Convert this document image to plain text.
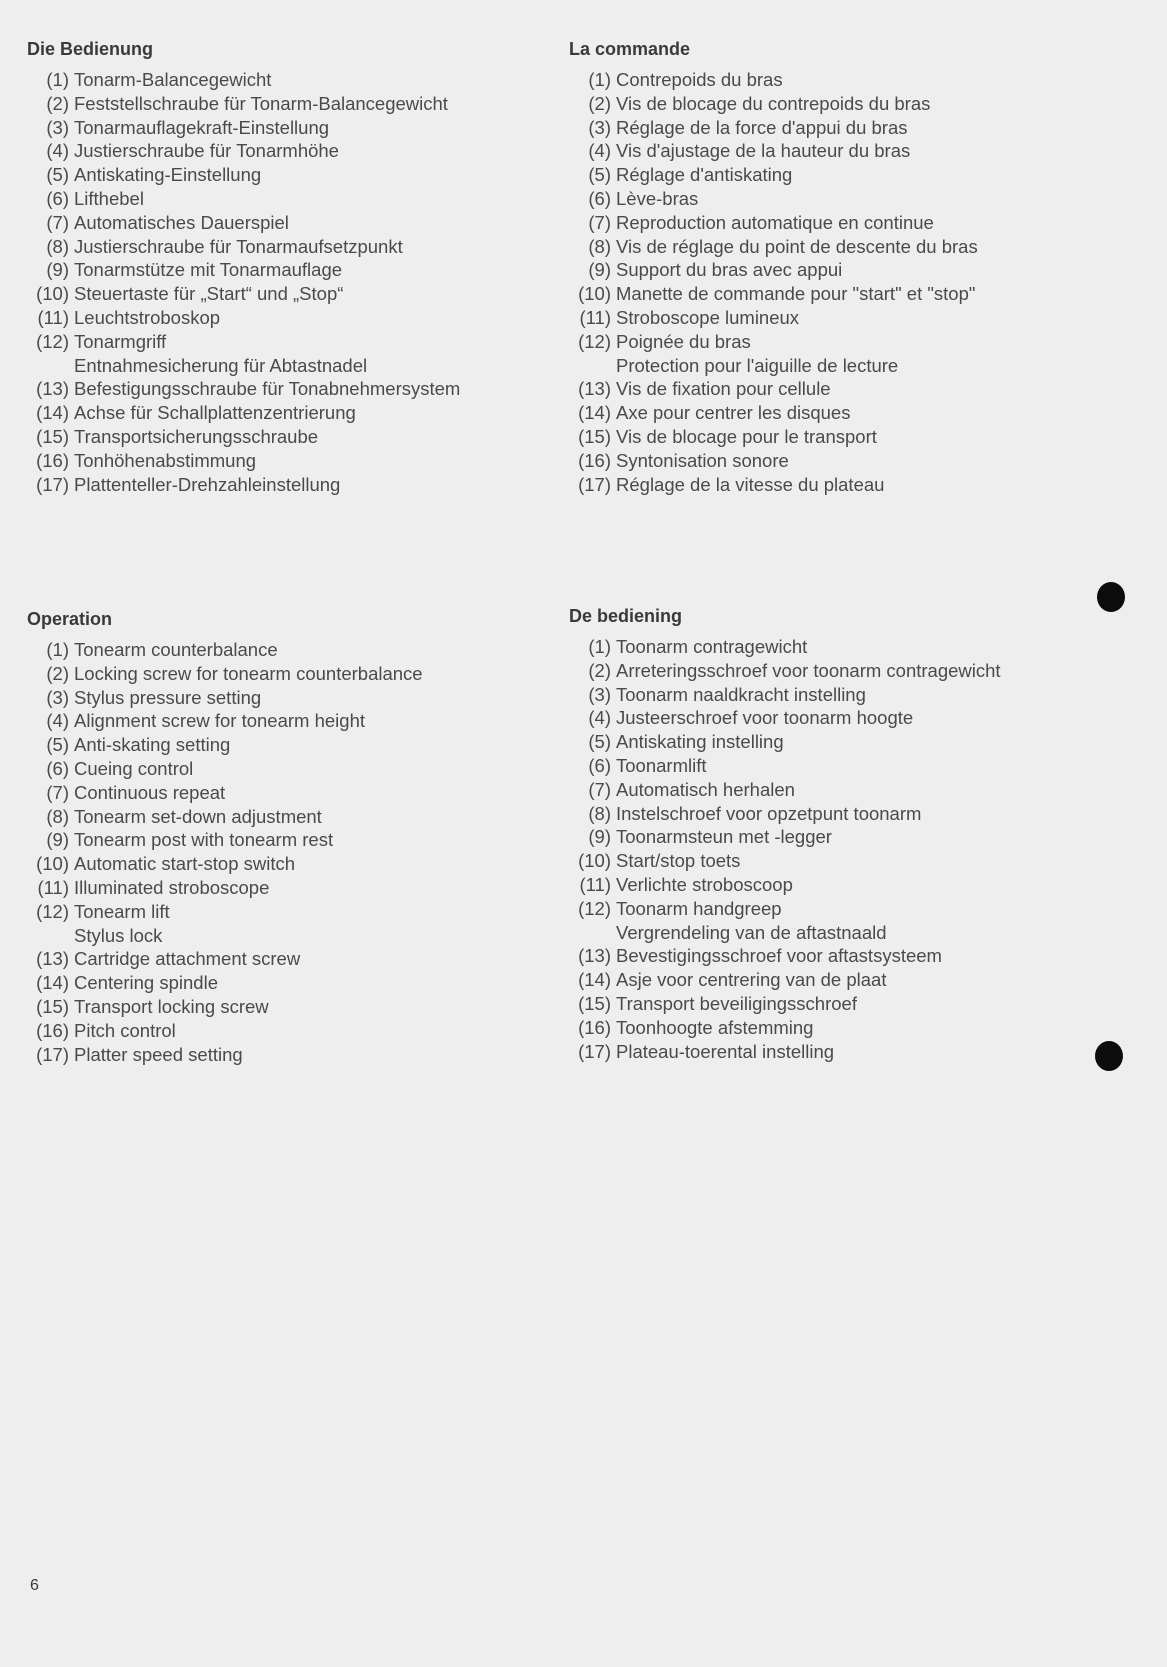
Die Bedienung
(1) Tonarm-Balancegewicht
(2) Feststellschraube für Tonarm-Balancegewicht
(3) Tonarmauflagekraft-Einstellung
(4) Justierschraube für Tonarmhöhe
(5) Antiskating-Einstellung
(6) Lifthebel
(7) Automatisches Dauerspiel
(8) Justierschraube für Tonarmaufsetzpunkt
(9) Tonarmstütze mit Tonarmauflage
(10) Steuertaste für „Start“ und „Stop“
(11) Leuchtstroboskop
(12) Tonarmgriff
Entnahmesicherung für Abtastnadel
(13) Befestigungsschraube für Tonabnehmersystem
(14) Achse für Schallplattenzentrierung
(15) Transportsicherungsschraube
(16) Tonhöhenabstimmung
(17) Plattenteller-Drehzahleinstellung
La commande
(1) Contrepoids du bras
(2) Vis de blocage du contrepoids du bras
(3) Réglage de la force d'appui du bras
(4) Vis d'ajustage de la hauteur du bras
(5) Réglage d'antiskating
(6) Lève-bras
(7) Reproduction automatique en continue
(8) Vis de réglage du point de descente du bras
(9) Support du bras avec appui
(10) Manette de commande pour "start" et "stop"
(11) Stroboscope lumineux
(12) Poignée du bras
Protection pour l'aiguille de lecture
(13) Vis de fixation pour cellule
(14) Axe pour centrer les disques
(15) Vis de blocage pour le transport
(16) Syntonisation sonore
(17) Réglage de la vitesse du plateau
Operation
(1) Tonearm counterbalance
(2) Locking screw for tonearm counterbalance
(3) Stylus pressure setting
(4) Alignment screw for tonearm height
(5) Anti-skating setting
(6) Cueing control
(7) Continuous repeat
(8) Tonearm set-down adjustment
(9) Tonearm post with tonearm rest
(10) Automatic start-stop switch
(11) Illuminated stroboscope
(12) Tonearm lift
Stylus lock
(13) Cartridge attachment screw
(14) Centering spindle
(15) Transport locking screw
(16) Pitch control
(17) Platter speed setting
De bediening
(1) Toonarm contragewicht
(2) Arreteringsschroef voor toonarm contragewicht
(3) Toonarm naaldkracht instelling
(4) Justeerschroef voor toonarm hoogte
(5) Antiskating instelling
(6) Toonarmlift
(7) Automatisch herhalen
(8) Instelschroef voor opzetpunt toonarm
(9) Toonarmsteun met -legger
(10) Start/stop toets
(11) Verlichte stroboscoop
(12) Toonarm handgreep
Vergrendeling van de aftastnaald
(13) Bevestigingsschroef voor aftastsysteem
(14) Asje voor centrering van de plaat
(15) Transport beveiligingsschroef
(16) Toonhoogte afstemming
(17) Plateau-toerental instelling
6
